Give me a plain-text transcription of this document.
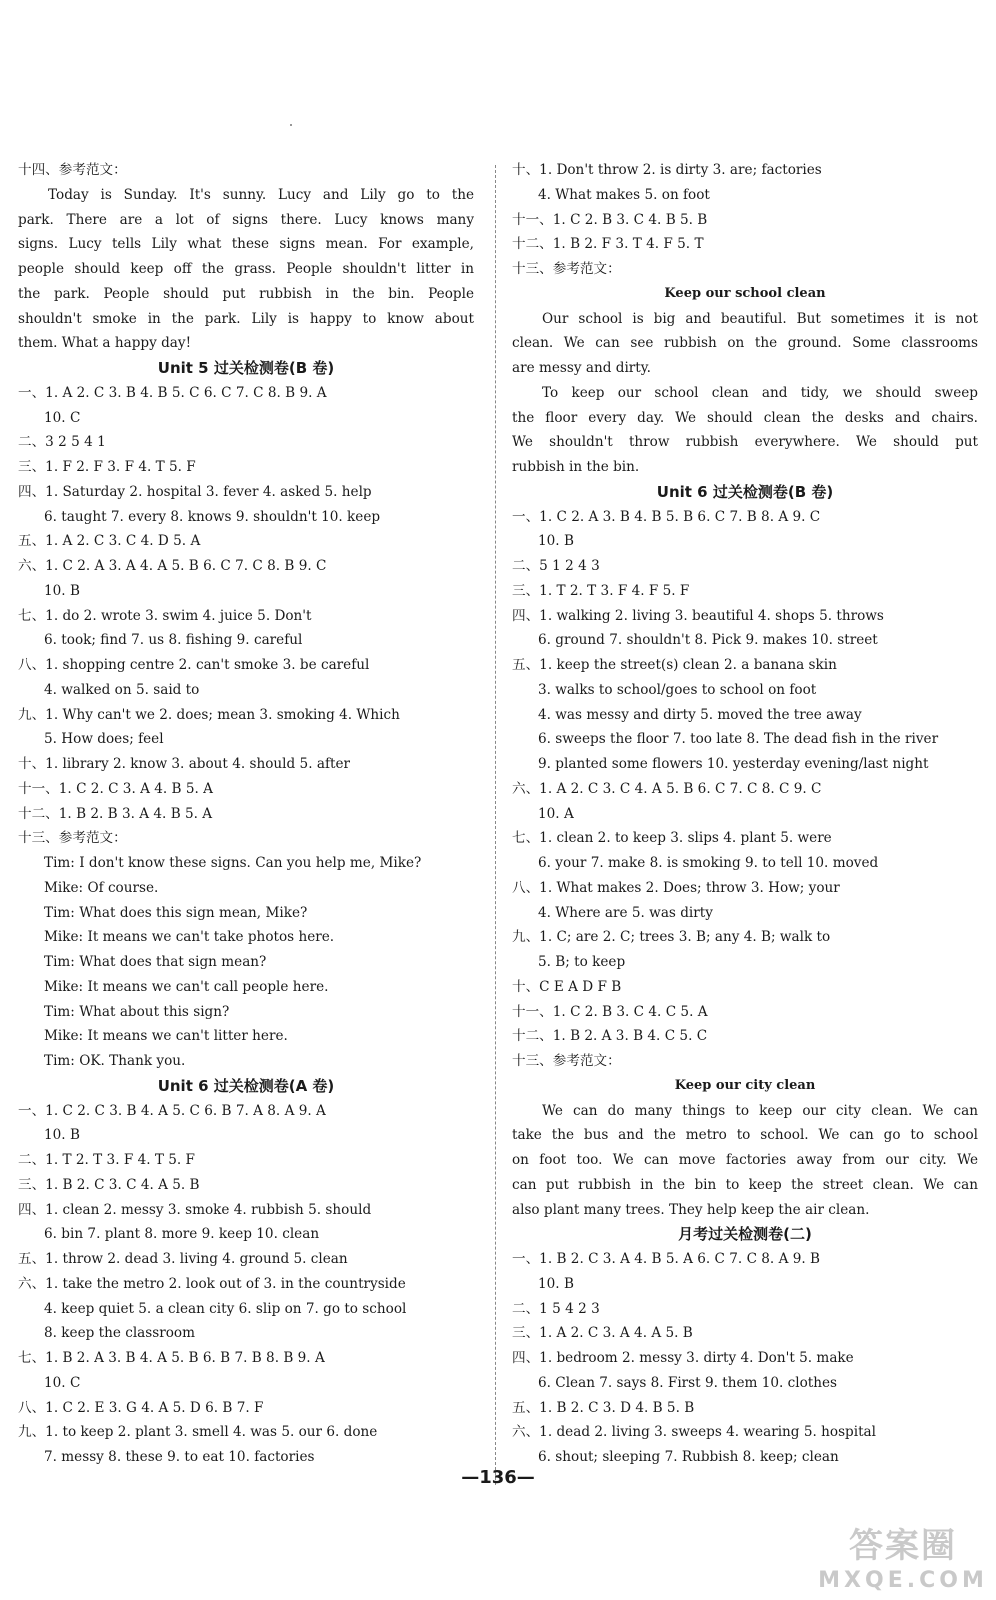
十四、参考范文：
Today is Sunday. It's sunny. Lucy and Lily go to the
park. There are a lot of signs there. Lucy knows many
signs. Lucy tells Lily what these signs mean. For example,
people should keep off the grass. People shouldn't litter in
the park. People should put rubbish in the bin. People
shouldn't smoke in the park. Lily is happy to know about
them. What a happy day!
Unit 5 过关检测卷(B 卷)
一、1. A 2. C 3. B 4. B 5. C 6. C 7. C 8. B 9. A
10. C
二、3 2 5 4 1
三、1. F 2. F 3. F 4. T 5. F
四、1. Saturday 2. hospital 3. fever 4. asked 5. help
6. taught 7. every 8. knows 9. shouldn't 10. keep
五、1. A 2. C 3. C 4. D 5. A
六、1. C 2. A 3. A 4. A 5. B 6. C 7. C 8. B 9. C
10. B
七、1. do 2. wrote 3. swim 4. juice 5. Don't
6. took; find 7. us 8. fishing 9. careful
八、1. shopping centre 2. can't smoke 3. be careful
4. walked on 5. said to
九、1. Why can't we 2. does; mean 3. smoking 4. Which
5. How does; feel
十、1. library 2. know 3. about 4. should 5. after
十一、1. C 2. C 3. A 4. B 5. A
十二、1. B 2. B 3. A 4. B 5. A
十三、参考范文：
Tim: I don't know these signs. Can you help me, Mike?
Mike: Of course.
Tim: What does this sign mean, Mike?
Mike: It means we can't take photos here.
Tim: What does that sign mean?
Mike: It means we can't call people here.
Tim: What about this sign?
Mike: It means we can't litter here.
Tim: OK. Thank you.
Unit 6 过关检测卷(A 卷)
一、1. C 2. C 3. B 4. A 5. C 6. B 7. A 8. A 9. A
10. B
二、1. T 2. T 3. F 4. T 5. F
三、1. B 2. C 3. C 4. A 5. B
四、1. clean 2. messy 3. smoke 4. rubbish 5. should
6. bin 7. plant 8. more 9. keep 10. clean
五、1. throw 2. dead 3. living 4. ground 5. clean
六、1. take the metro 2. look out of 3. in the countryside
4. keep quiet 5. a clean city 6. slip on 7. go to school
8. keep the classroom
七、1. B 2. A 3. B 4. A 5. B 6. B 7. B 8. B 9. A
10. C
八、1. C 2. E 3. G 4. A 5. D 6. B 7. F
九、1. to keep 2. plant 3. smell 4. was 5. our 6. done
7. messy 8. these 9. to eat 10. factories
十、1. Don't throw 2. is dirty 3. are; factories
4. What makes 5. on foot
十一、1. C 2. B 3. C 4. B 5. B
十二、1. B 2. F 3. T 4. F 5. T
十三、参考范文：
Keep our school clean
Our school is big and beautiful. But sometimes it is not
clean. We can see rubbish on the ground. Some classrooms
are messy and dirty.
To keep our school clean and tidy, we should sweep
the floor every day. We should clean the desks and chairs.
We shouldn't throw rubbish everywhere. We should put
rubbish in the bin.
Unit 6 过关检测卷(B 卷)
一、1. C 2. A 3. B 4. B 5. B 6. C 7. B 8. A 9. C
10. B
二、5 1 2 4 3
三、1. T 2. T 3. F 4. F 5. F
四、1. walking 2. living 3. beautiful 4. shops 5. throws
6. ground 7. shouldn't 8. Pick 9. makes 10. street
五、1. keep the street(s) clean 2. a banana skin
3. walks to school/goes to school on foot
4. was messy and dirty 5. moved the tree away
6. sweeps the floor 7. too late 8. The dead fish in the river
9. planted some flowers 10. yesterday evening/last night
六、1. A 2. C 3. C 4. A 5. B 6. C 7. C 8. C 9. C
10. A
七、1. clean 2. to keep 3. slips 4. plant 5. were
6. your 7. make 8. is smoking 9. to tell 10. moved
八、1. What makes 2. Does; throw 3. How; your
4. Where are 5. was dirty
九、1. C; are 2. C; trees 3. B; any 4. B; walk to
5. B; to keep
十、C E A D F B
十一、1. C 2. B 3. C 4. C 5. A
十二、1. B 2. A 3. B 4. C 5. C
十三、参考范文：
Keep our city clean
We can do many things to keep our city clean. We can
take the bus and the metro to school. We can go to school
on foot too. We can move factories away from our city. We
can put rubbish in the bin to keep the street clean. We can
also plant many trees. They help keep the air clean.
月考过关检测卷(二)
一、1. B 2. C 3. A 4. B 5. A 6. C 7. C 8. A 9. B
10. B
二、1 5 4 2 3
三、1. A 2. C 3. A 4. A 5. B
四、1. bedroom 2. messy 3. dirty 4. Don't 5. make
6. Clean 7. says 8. First 9. them 10. clothes
五、1. B 2. C 3. D 4. B 5. B
六、1. dead 2. living 3. sweeps 4. wearing 5. hospital
6. shout; sleeping 7. Rubbish 8. keep; clean
—136—
答案圈
MXQE.COM
